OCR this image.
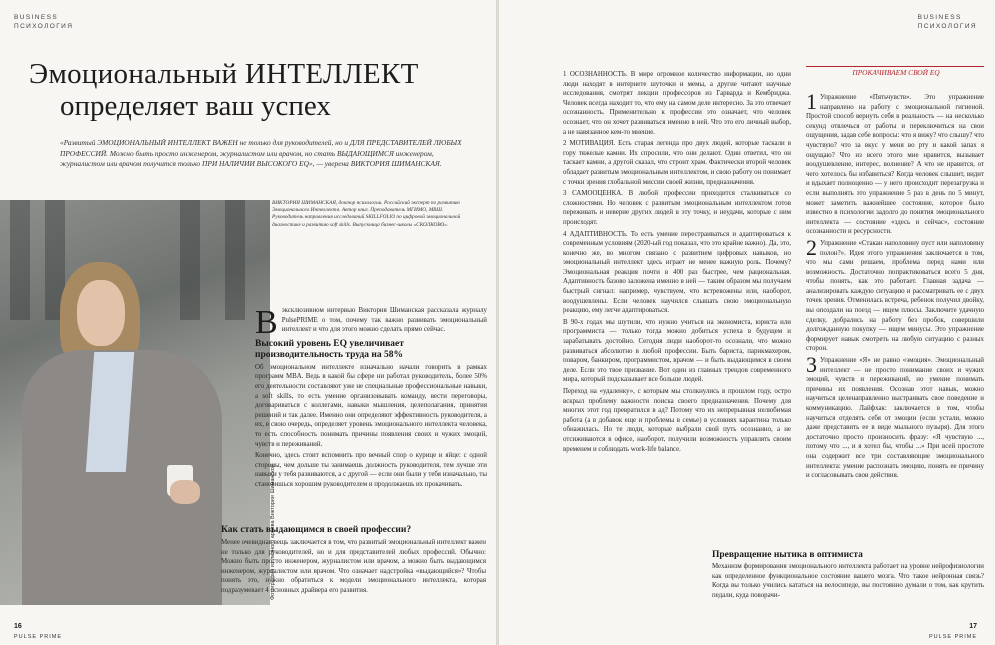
BUSINESS
ПСИХОЛОГИЯ
Эмоциональный ИНТЕЛЛЕКТ
определяет ваш успех
«Развитый ЭМОЦИОНАЛЬНЫЙ ИНТЕЛЛЕКТ ВАЖЕН не только для руководителей, но и ДЛЯ ПРЕДСТАВИТЕЛЕЙ ЛЮБЫХ ПРОФЕССИЙ. Можно быть просто инженером, журналистом или врачом, но стать ВЫДАЮЩИМСЯ инженером, журналистом или врачом получится только ПРИ НАЛИЧИИ ВЫСОКОГО EQ», — уверена ВИКТОРИЯ ШИМАНСКАЯ.
ВИКТОРИЯ ШИМАНСКАЯ, доктор психологии. Российский эксперт по развитию Эмоционального Интеллекта. Автор книг. Преподаватель МГИМО, МВШ. Руководитель направления исследований SKILLFOLIO по цифровой эмоциональной диагностике и развитию soft skills. Выпускница бизнес-школы «СКОЛКОВО».
Фотография из личного архива Виктории Шиманской

Вэксклюзивном интервью Виктория Шиманская рассказала журналу PulsePRIME о том, почему так важно развивать эмоциональный интеллект и что для этого можно сделать прямо сейчас.

Высокий уровень EQ увеличивает производительность труда на 58%

Об эмоциональном интеллекте изначально начали говорить в рамках программ MBA. Ведь в какой бы сфере ни работал руководитель, более 50% его деятельности составляют уже не специальные профессиональные навыки, а soft skills, то есть умение организовывать команду, вести переговоры, договариваться с коллегами, навыки мышления, целеполагания, принятия решений и так далее. Именно они определяют эффективность руководителя, а их, в свою очередь, определяет уровень эмоционального интеллекта человека, то есть способность понимать причины появления своих и чужих эмоций, чувств и переживаний.

Конечно, здесь стоит вспомнить про вечный спор о курице и яйце: с одной стороны, чем дольше ты занимаешь должность руководителя, тем лучше эти навыки у тебя развиваются, а с другой — если они были у тебя изначально, ты становишься хорошим руководителем и продолжаешь их прокачивать.

Как стать выдающимся в своей профессии?
Менее очевидная вещь заключается в том, что развитый эмоциональный интеллект важен не только для руководителей, но и для представителей любых профессий. Обычно: Можно быть просто инженером, журналистом или врачом, а можно быть выдающимся инженером, журналистом или врачом. Что означает надстройка «выдающийся»? Чтобы понять это, нужно обратиться к модели эмоционального интеллекта, которая подразумевает 4 основных драйвера его развития.
16
PULSE PRIME
BUSINESS
ПСИХОЛОГИЯ
17
PULSE PRIME

1 ОСОЗНАННОСТЬ. В мире огромное количество информации, но одни люди находят в интернете шуточки и мемы, а другие читают научные исследования, смотрят лекции профессоров из Гарварда и Кембриджа. Человек всегда находит то, что ему на самом деле интересно. За это отвечает осознанность. Применительно к профессии это означает, что человек осознает, что он хочет развиваться именно в ней. Что это его личный выбор, а не навязанное кем-то мнение.

2 МОТИВАЦИЯ. Есть старая легенда про двух людей, которые таскали в гору тяжелые камни. Их спросили, что они делают. Один ответил, что он таскает камни, а другой сказал, что строит храм. Фактически второй человек обладает развитым эмоциональным интеллектом, и свою работу он понимает с точки зрения глобальной миссии своей жизни, предназначения.

3 САМООЦЕНКА. В любой профессии приходится сталкиваться со сложностями. Но человек с развитым эмоциональным интеллектом готов переживать и неверие других людей в эту точку, и неудачи, которые с ним происходят.

4 АДАПТИВНОСТЬ. То есть умение перестраиваться и адаптироваться к современным условиям (2020-ый год показал, что это крайне важно). Да, это, конечно же, во многом связано с развитием цифровых навыков, но эмоциональный интеллект здесь играет не менее важную роль. Почему? Эмоциональная реакция почти в 400 раз быстрее, чем рациональная. Адаптивность базово заложена именно в ней — таким образом мы получаем быстрый сигнал: например, чувствуем, что встревожены или, наоборот, воодушевлены. Если человек научился слышать свою эмоциональную реакцию, ему легче адаптироваться.

В 90-х годах мы шутили, что нужно учиться на экономиста, юриста или программиста — только тогда можно добиться успеха в будущем и зарабатывать достойно. Сегодня люди наоборот-то осознали, что можно развиваться абсолютно в любой профессии. Быть бариста, парикмахером, поваром, банкиром, программистом, врачом — и быть выдающимся в своем деле. Если это твое призвание. Вот один из главных трендов современного мира, который подсказывает все больше людей.

Переход на «удаленку», с которым мы столкнулись в прошлом году, остро вскрыл проблему важности поиска своего предназначения. Почему для многих этот год превратился в ад? Потому что их непрерывная нелюбимая работа (а в добавок еще и проблемы в семье) в условиях карантина только обнажилась. Но те люди, которые выбрали свой путь осознанно, а не отсиживаются в офисе, наоборот, получили возможность управлять своим временем и соблюдать work-life balance.

ПРОКАЧИВАЕМ СВОЙ EQ

1 Упражнение «Пятьчувств». Это упражнение направлено на работу с эмоциональной гигиеной. Простой способ вернуть себя в реальность — на несколько секунд отвлечься от работы и переключиться на свои ощущения, задав себе вопросы: что я вижу? что слышу? что чувствую? что за вкус у меня во рту и какой запах я ощущаю? Что из всего этого мне нравится, вызывает воодушевление, интерес, волнение? А что не нравится, от чего хотелось бы избавиться? Когда человек слышит, видит и вдыхает полноценно — у него происходит перезагрузка и если выполнять это упражнение 5 раз в день по 5 минут, может заметить важнейшее состояние, которое было известно в психологии задолго до понятия эмоционального интеллекта — состояние «здесь и сейчас», состояние осознанности и ресурсности.

2 Упражнение «Стакан наполовину пуст или наполовину полон?». Идея этого упражнения заключается в том, что мы сами решаем, проблема перед нами или возможность. Достаточно попрактиковаться всего 5 дня, чтобы понять, как это работает. Главная задача — анализировать каждую ситуацию и рассматривать ее с двух точек зрения. Отменилась встреча, ребенок получил двойку, вы опоздали на поезд — ищем плюсы. Заключите удачную сделку, добрались на работу без пробок, совершили долгожданную покупку — ищем минусы. Это упражнение формирует навык смотреть на любую ситуацию с разных сторон.

3 Упражнение «Я» не равно «эмоция». Эмоциональный интеллект — не просто понимание своих и чужих эмоций, чувств и переживаний, но умение понимать причины их появления. Осознав этот навык, можно научиться целенаправленно выстраивать свое поведение и коммуникацию. Лайфхак: заключается в том, чтобы научиться отделять себя от эмоции (если устали, можно даже представить ее в виде мыльного пузыря). Для этого достаточно просто произносить фразу: «Я чувствую ..., потому что ..., и я хотел бы, чтобы ...» При всей простоте она содержит все три составляющие эмоционального интеллекта: умение распознать эмоцию, понять ее причину и согласовывать свои действия.

Превращение нытика в оптимиста
Механизм формирования эмоционального интеллекта работает на уровне нейрофизиологии как определенное функциональное состояние вашего мозга. Что такое нейронная связь? Когда вы только учились кататься на велосипеде, вы постоянно думали о том, как крутить педали, куда поворачи-
